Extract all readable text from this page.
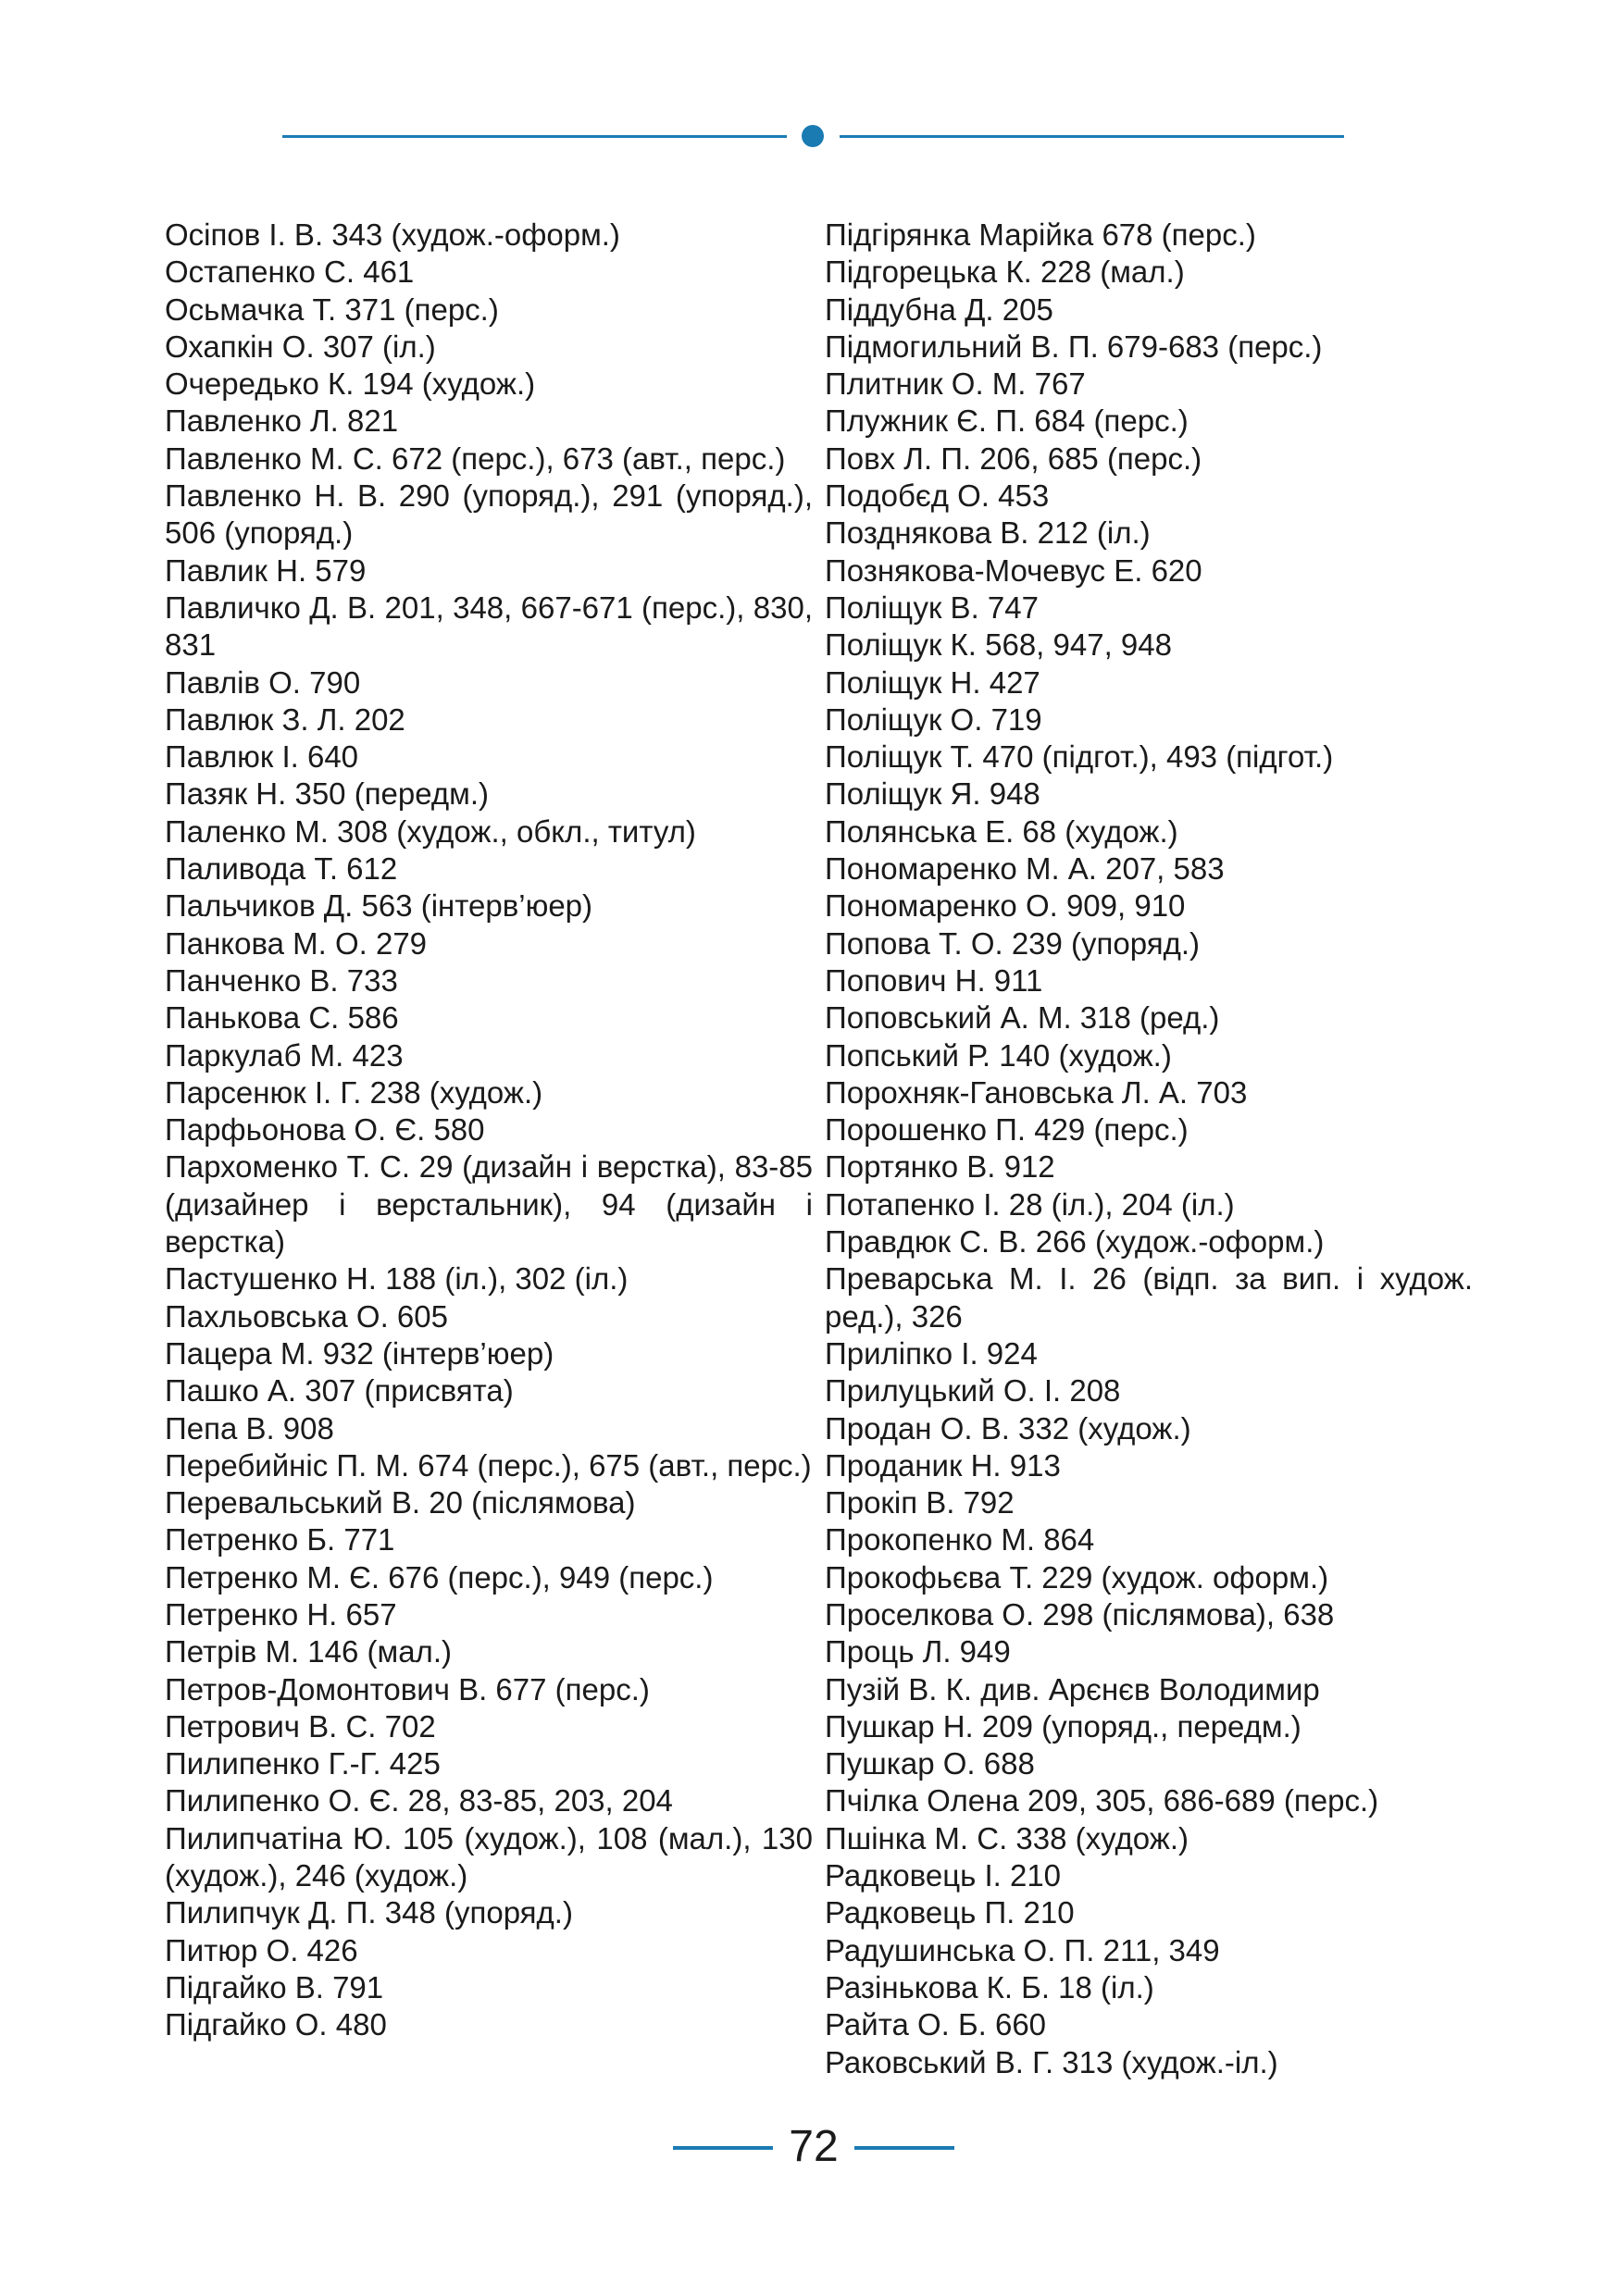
Осіпов І. В. 343 (худож.-оформ.)

Остапенко С. 461

Осьмачка Т. 371 (перс.)

Охапкін О. 307 (іл.)

Очередько К. 194 (худож.)

Павленко Л. 821

Павленко М. С. 672 (перс.), 673 (авт., перс.)

Павленко Н. В. 290 (упоряд.), 291 (упоряд.), 506 (упоряд.)

Павлик Н. 579

Павличко Д. В. 201, 348, 667-671 (перс.), 830, 831

Павлів О. 790

Павлюк З. Л. 202

Павлюк І. 640

Пазяк Н. 350 (передм.)

Паленко М. 308 (худож., обкл., титул)

Паливода Т. 612

Пальчиков Д. 563 (інтерв’юер)

Панкова М. О. 279

Панченко В. 733

Панькова С. 586

Паркулаб М. 423

Парсенюк І. Г. 238 (худож.)

Парфьонова О. Є. 580

Пархоменко Т. С. 29 (дизайн і верстка), 83-85 (дизайнер і верстальник), 94 (дизайн і верстка)

Пастушенко Н. 188 (іл.), 302 (іл.)

Пахльовська О. 605

Пацера М. 932 (інтерв’юер)

Пашко А. 307 (присвята)

Пепа В. 908

Перебийніс П. М. 674 (перс.), 675 (авт., перс.)

Перевальський В. 20 (післямова)

Петренко Б. 771

Петренко М. Є. 676 (перс.), 949 (перс.)

Петренко Н. 657

Петрів М. 146 (мал.)

Петров-Домонтович В. 677 (перс.)

Петрович В. С. 702

Пилипенко Г.-Г. 425

Пилипенко О. Є. 28, 83-85, 203, 204

Пилипчатіна Ю. 105 (худож.), 108 (мал.), 130 (худож.), 246 (худож.)

Пилипчук Д. П. 348 (упоряд.)

Питюр О. 426

Підгайко В. 791

Підгайко О. 480

Підгірянка Марійка 678 (перс.)

Підгорецька К. 228 (мал.)

Піддубна Д. 205

Підмогильний В. П. 679-683 (перс.)

Плитник О. М. 767

Плужник Є. П. 684 (перс.)

Повх Л. П. 206, 685 (перс.)

Подобєд О. 453

Позднякова В. 212 (іл.)

Познякова-Мочевус Е. 620

Поліщук В. 747

Поліщук К. 568, 947, 948

Поліщук Н. 427

Поліщук О. 719

Поліщук Т. 470 (підгот.), 493 (підгот.)

Поліщук Я. 948

Полянська Е. 68 (худож.)

Пономаренко М. А. 207, 583

Пономаренко О. 909, 910

Попова Т. О. 239 (упоряд.)

Попович Н. 911

Поповський А. М. 318 (ред.)

Попський Р. 140 (худож.)

Порохняк-Гановська Л. А. 703

Порошенко П. 429 (перс.)

Портянко В. 912

Потапенко І. 28 (іл.), 204 (іл.)

Правдюк С. В. 266 (худож.-оформ.)

Преварська М. І. 26 (відп. за вип. і худож. ред.), 326

Приліпко І. 924

Прилуцький О. І. 208

Продан О. В. 332 (худож.)

Проданик Н. 913

Прокіп В. 792

Прокопенко М. 864

Прокофьєва Т. 229 (худож. оформ.)

Проселкова О. 298 (післямова), 638

Проць Л. 949

Пузій В. К. див. Арєнєв Володимир

Пушкар Н. 209 (упоряд., передм.)

Пушкар О. 688

Пчілка Олена 209, 305, 686-689 (перс.)

Пшінка М. С. 338 (худож.)

Радковець І. 210

Радковець П. 210

Радушинська О. П. 211, 349

Разінькова К. Б. 18 (іл.)

Райта О. Б. 660

Раковський В. Г. 313 (худож.-іл.)

72
